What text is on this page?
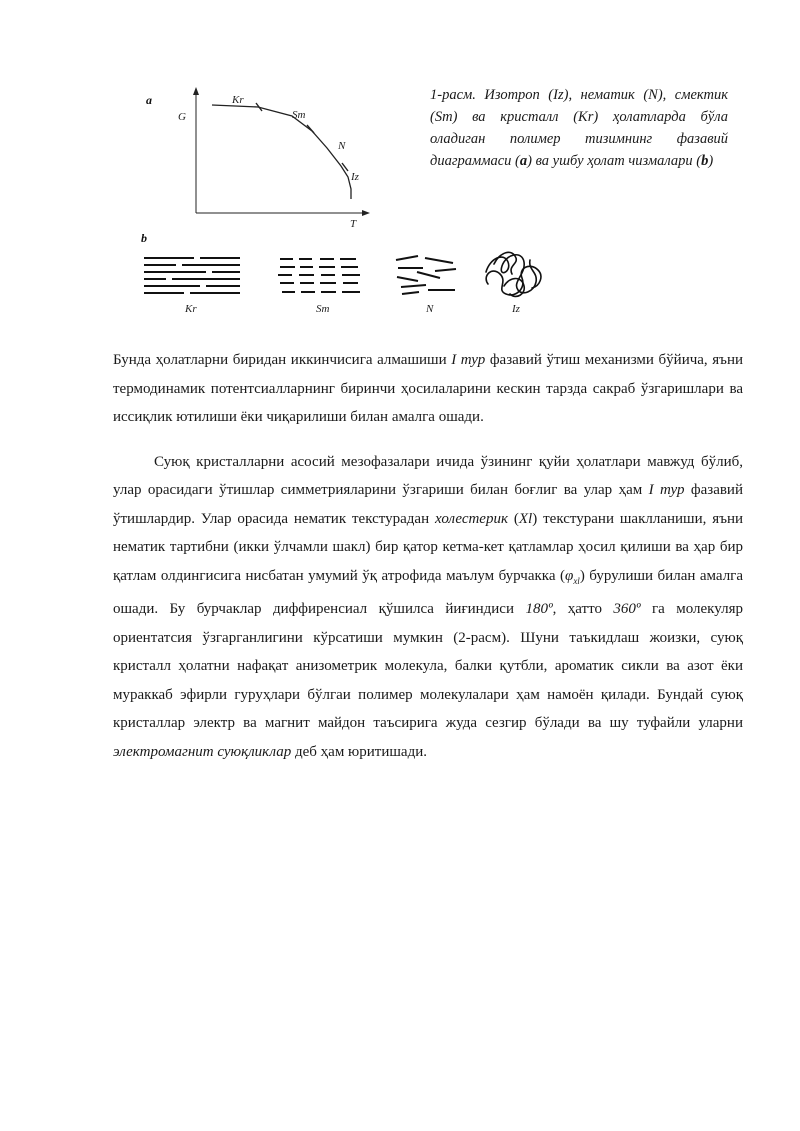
a
G
T
Kr
Sm
N
Iz
b
Kr	Sm	N	Iz
1-расм. Изотроп (Iz), нематик (N), смектик (Sm) ва кристалл (Kr) ҳолатларда бўла оладиган полимер тизимнинг фазавий диаграммаси (а) ва ушбу ҳолат чизмалари (b)

Бунда ҳолатларни биридан иккинчисига алмашиши I тур фазавий ўтиш механизми бўйича, яъни термодинамик потентсиалларнинг биринчи ҳосилаларини кескин тарзда сакраб ўзгаришлари ва иссиқлик ютилиши ёки чиқарилиши билан амалга ошади.

Суюқ кристалларни асосий мезофазалари ичида ўзининг қуйи ҳолатлари мавжуд бўлиб, улар орасидаги ўтишлар симметрияларини ўзгариши билан боғлиг ва улар ҳам I тур фазавий ўтишлардир. Улар орасида нематик текстурадан холестерик (Xl) текстурани шаклланиши, яъни нематик тартибни (икки ўлчамли шакл) бир қатор кетма-кет қатламлар ҳосил қилиши ва ҳар бир қатлам олдингисига нисбатан умумий ўқ атрофида маълум бурчакка $(\varphi_{xl})$ бурулиши билан амалга ошади. Бу бурчаклар диффиренсиал қўшилса йиғиндиси 180º, ҳатто 360º га молекуляр ориентатсия ўзгарганлигини кўрсатиши мумкин (2-расм). Шуни таъкидлаш жоизки, суюқ кристалл ҳолатни нафақат анизометрик молекула, балки қутбли, ароматик сикли ва азот ёки мураккаб эфирли гуруҳлари бўлгаи полимер молекулалари ҳам намоён қилади. Бундай суюқ кристаллар электр ва магнит майдон таъсирига жуда сезгир бўлади ва шу туфайли уларни электромагнит суюқликлар деб ҳам юритишади.
